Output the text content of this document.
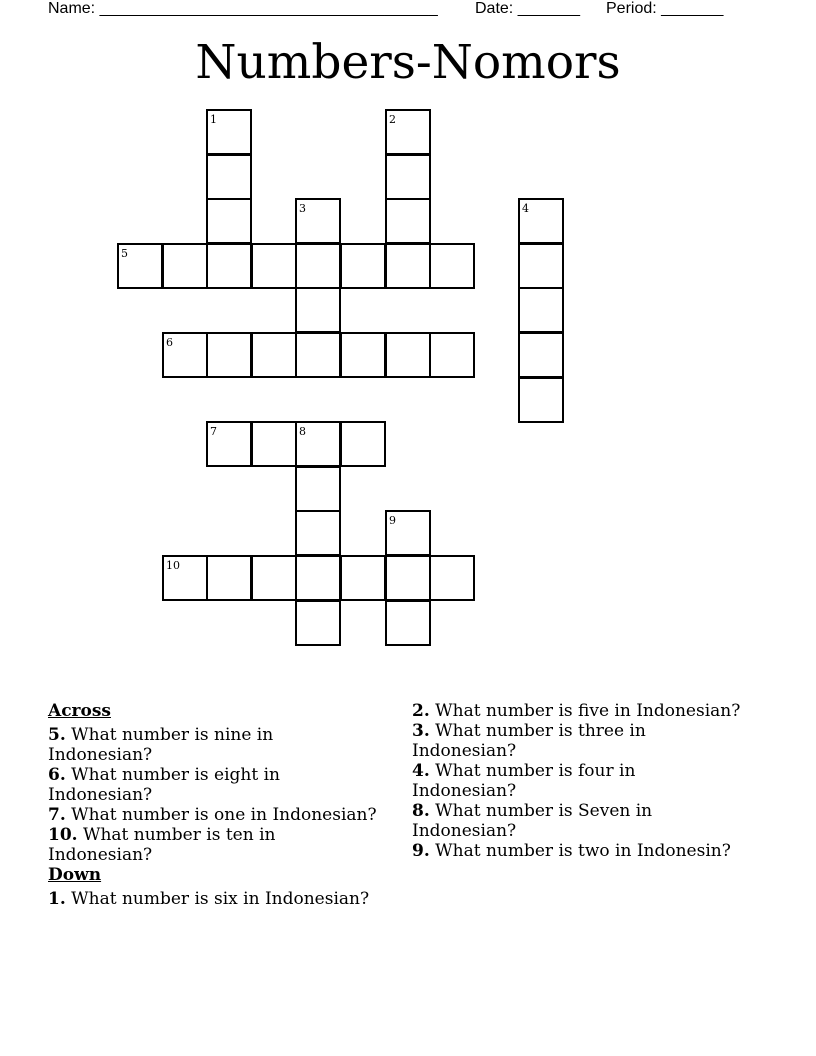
Name: ______________________________________ Date: _______ Period: _______
Numbers-Nomors
1	2
3	4
5
6
7	8
9
10
Across
5. What number is nine in Indonesian?
6. What number is eight in Indonesian?
7. What number is one in Indonesian?
10. What number is ten in Indonesian?
Down
1. What number is six in Indonesian?
2. What number is five in Indonesian?
3. What number is three in Indonesian?
4. What number is four in Indonesian?
8. What number is Seven in Indonesian?
9. What number is two in Indonesin?
